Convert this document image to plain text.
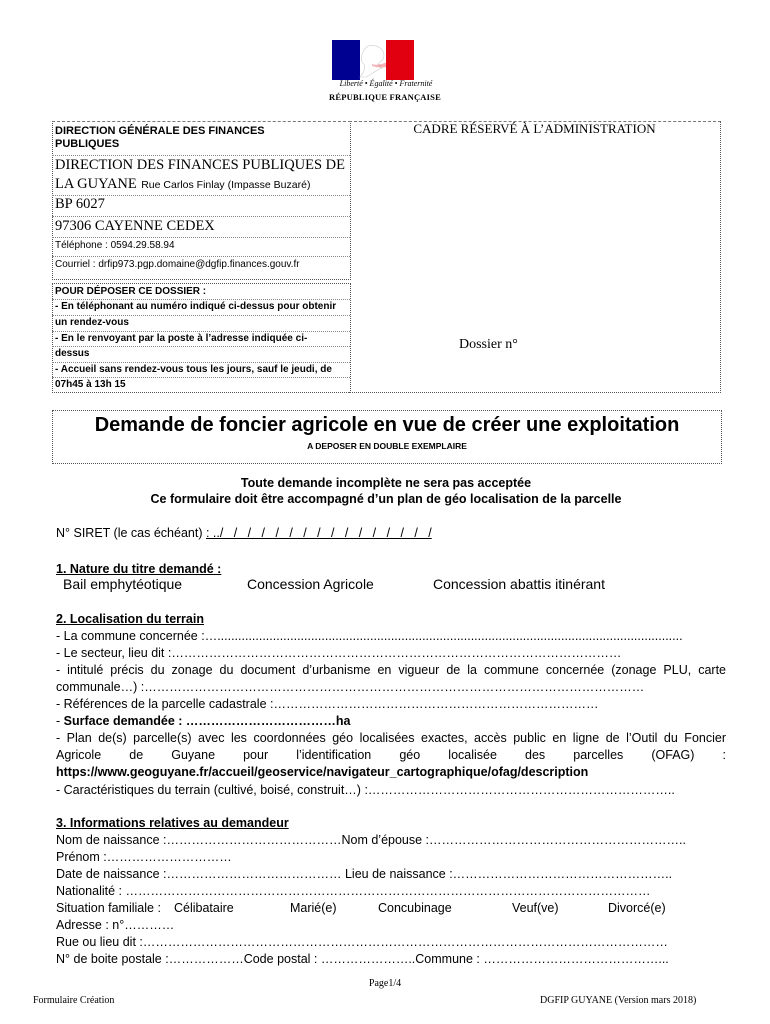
Liberté • Égalité • Fraternité
RÉPUBLIQUE FRANÇAISE
DIRECTION GÉNÉRALE DES FINANCES PUBLIQUES
DIRECTION DES FINANCES PUBLIQUES DE
LA GUYANE Rue Carlos Finlay (Impasse Buzaré)
BP 6027
97306 CAYENNE CEDEX
Téléphone : 0594.29.58.94
Courriel : drfip973.pgp.domaine@dgfip.finances.gouv.fr
CADRE RÉSERVÉ À L’ADMINISTRATION
Dossier n°
POUR DÉPOSER CE DOSSIER :
- En téléphonant au numéro indiqué ci-dessus pour obtenir
un rendez-vous
- En le renvoyant par la poste à l’adresse indiquée ci-
dessus
- Accueil sans rendez-vous tous les jours, sauf le jeudi, de
07h45 à 13h 15
Demande de foncier agricole en vue de créer une exploitation
A DEPOSER EN DOUBLE EXEMPLAIRE
Toute demande incomplète ne sera pas acceptée
Ce formulaire doit être accompagné d’un plan de géo localisation de la parcelle
N° SIRET (le cas échéant) : ../   /   /   /   /   /   /   /   /   /   /   /   /   /   /   /
1. Nature du titre demandé :
Bail emphytéotique	Concession Agricole	Concession abattis itinérant
2. Localisation du terrain
- La commune concernée :…......................................................................................................................................
- Le secteur, lieu dit :………………………………………………………………………………………………
- intitulé précis du zonage du document d’urbanisme en vigueur de la commune concernée (zonage PLU, carte
communale…) :…………………………………………………………………………………………………………
- Références de la parcelle cadastrale :……………………………………………………………………
- Surface demandée : ………………………………ha
- Plan de(s) parcelle(s) avec les coordonnées géo localisées exactes, accès public en ligne de l’Outil du Foncier
Agricole de Guyane pour l’identification géo localisée des parcelles (OFAG) :
https://www.geoguyane.fr/accueil/geoservice/navigateur_cartographique/ofag/description
- Caractéristiques du terrain (cultivé, boisé, construit…) :………………………………………………………………..
3. Informations relatives au demandeur
Nom de naissance :……………………………………Nom d’épouse :……………………………………………………..
Prénom :…………………………
Date de naissance :…………………………………… Lieu de naissance :……………………………………………..
Nationalité : ………………………………………………………………………………………………………………
Situation familiale : Célibataire	Marié(e)	Concubinage	Veuf(ve)	Divorcé(e)
Adresse : n°…………
Rue ou lieu dit :………………………………………………………………………………………………………………
N° de boite postale :………………Code postal : …………………..Commune : ……………………………………...
Page1/4
Formulaire Création	DGFIP GUYANE (Version mars 2018)
